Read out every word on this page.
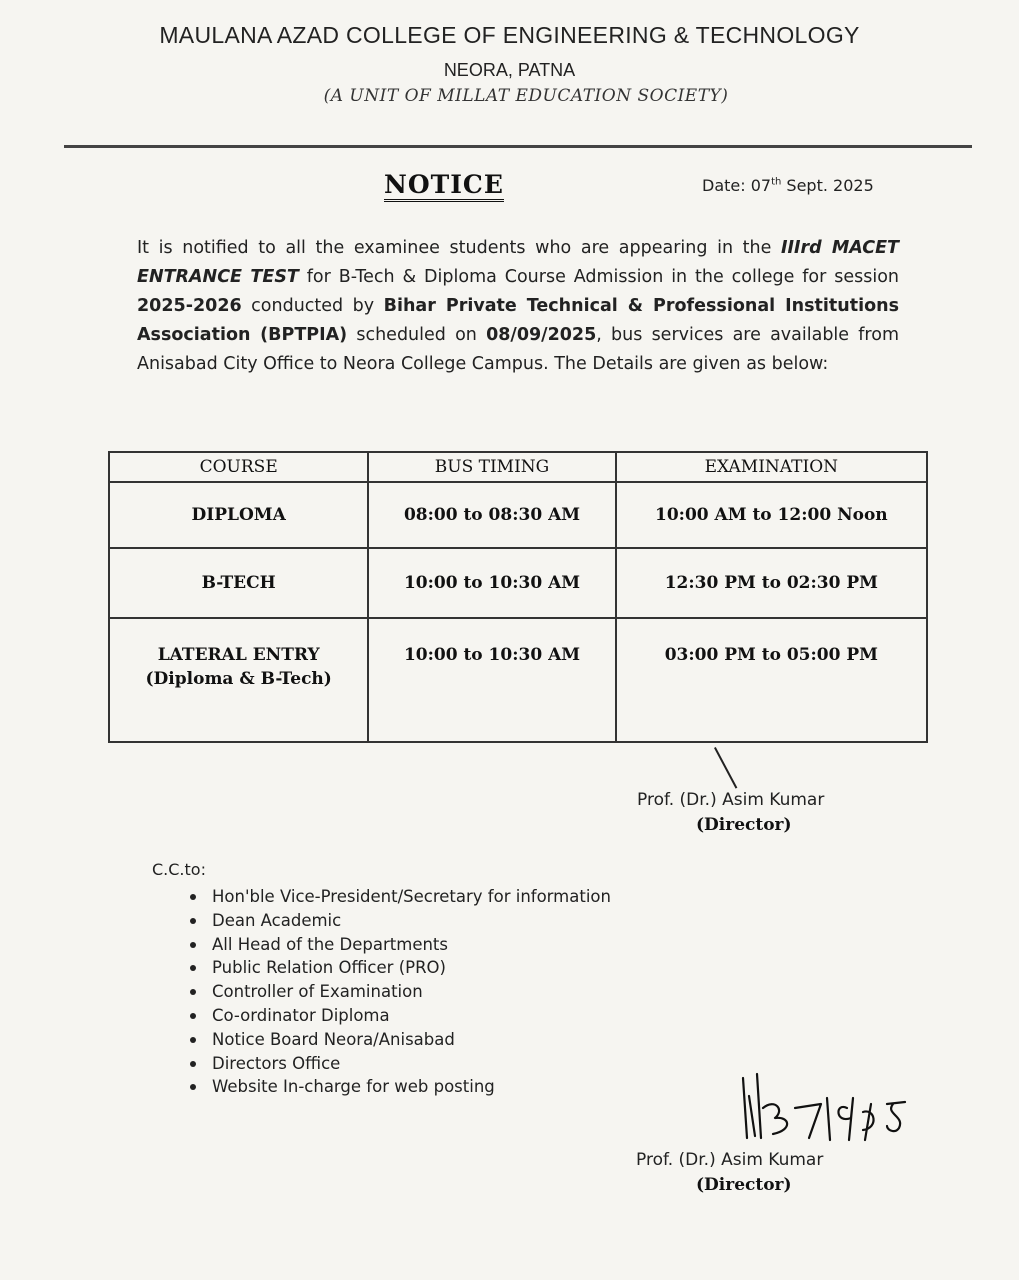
MAULANA AZAD COLLEGE OF ENGINEERING & TECHNOLOGY
NEORA, PATNA
(A UNIT OF MILLAT EDUCATION SOCIETY)
NOTICE	Date: 07th Sept. 2025
It is notified to all the examinee students who are appearing in the IIIrd MACET ENTRANCE TEST for B-Tech & Diploma Course Admission in the college for session 2025-2026 conducted by Bihar Private Technical & Professional Institutions Association (BPTPIA) scheduled on 08/09/2025, bus services are available from Anisabad City Office to Neora College Campus. The Details are given as below:
COURSE	BUS TIMING	EXAMINATION
DIPLOMA	08:00 to 08:30 AM	10:00 AM to 12:00 Noon
B-TECH	10:00 to 10:30 AM	12:30 PM to 02:30 PM

LATERAL ENTRY
(Diploma & B-Tech)	10:00 to 10:30 AM	03:00 PM to 05:00 PM
Prof. (Dr.) Asim Kumar
(Director)
C.C.to:
Hon'ble Vice-President/Secretary for information
Dean Academic
All Head of the Departments
Public Relation Officer (PRO)
Controller of Examination
Co-ordinator Diploma
Notice Board Neora/Anisabad
Directors Office
Website In-charge for web posting
Prof. (Dr.) Asim Kumar
(Director)
